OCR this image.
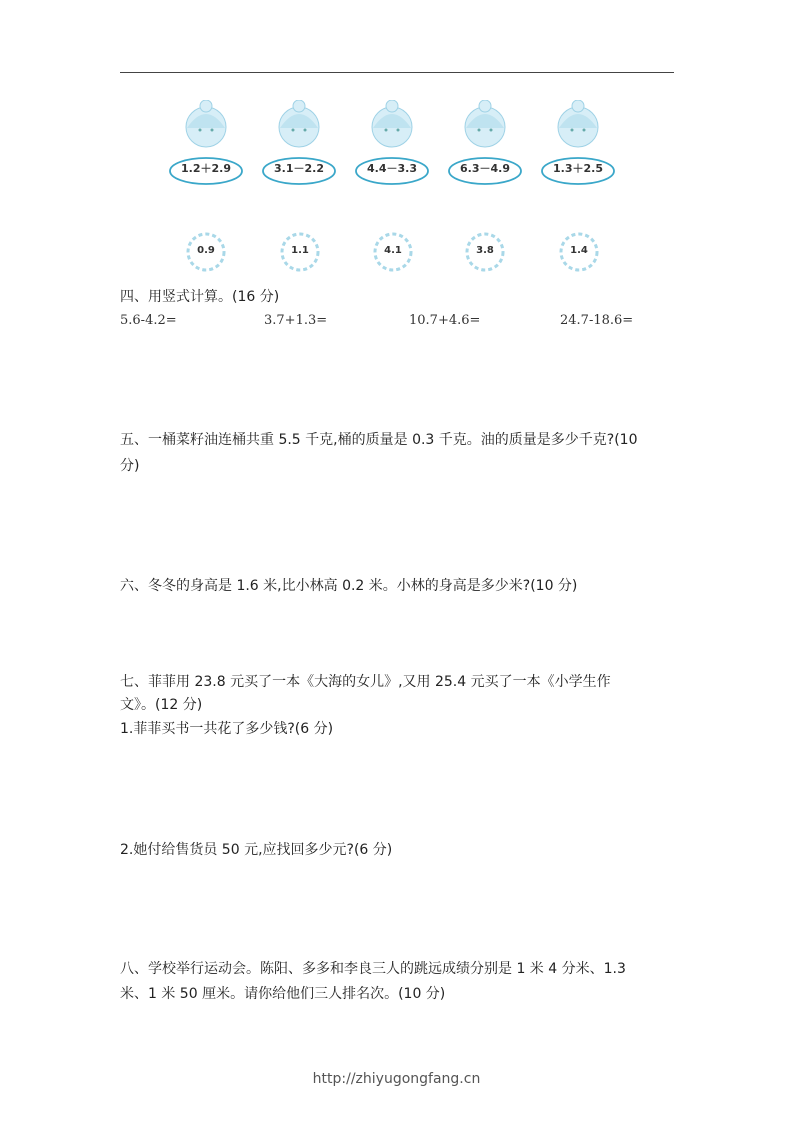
1.2＋2.9	3.1－2.2	4.4－3.3	6.3－4.9	1.3＋2.5
0.9	1.1	4.1	3.8	1.4
四、用竖式计算。(16 分)
5.6-4.2=	3.7+1.3=	10.7+4.6=	24.7-18.6=
五、一桶菜籽油连桶共重 5.5 千克,桶的质量是 0.3 千克。油的质量是多少千克?(10
分)
六、冬冬的身高是 1.6 米,比小林高 0.2 米。小林的身高是多少米?(10 分)
七、菲菲用 23.8 元买了一本《大海的女儿》,又用 25.4 元买了一本《小学生作
文》。(12 分)
1.菲菲买书一共花了多少钱?(6 分)
2.她付给售货员 50 元,应找回多少元?(6 分)
八、学校举行运动会。陈阳、多多和李良三人的跳远成绩分别是 1 米 4 分米、1.3
米、1 米 50 厘米。请你给他们三人排名次。(10 分)
http://zhiyugongfang.cn
